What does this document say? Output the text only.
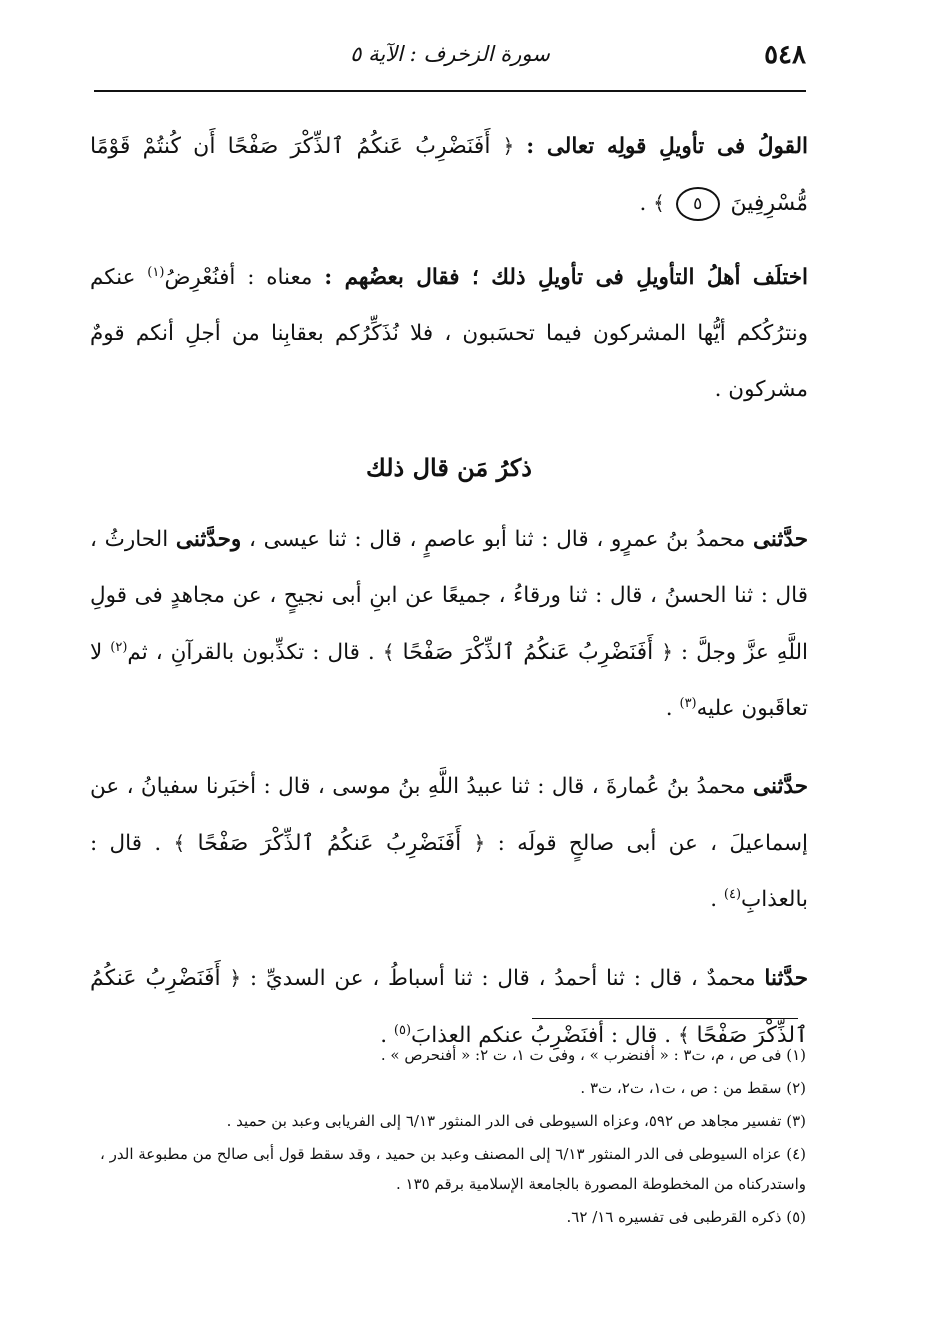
٥٤٨
سورة الزخرف : الآية ٥

القولُ فى تأويلِ قولِه تعالى : ﴿ أَفَنَضْرِبُ عَنكُمُ ٱلذِّكْرَ صَفْحًا أَن كُنتُمْ قَوْمًا مُّسْرِفِينَ ٥ ﴾ .

اختلَف أهلُ التأويلِ فى تأويلِ ذلك ؛ فقال بعضُهم : معناه : أفنُعْرِضُ$^{(١)}$ عنكم ونترُكُكم أيُّها المشركون فيما تحسَبون ، فلا نُذَكِّرُكم بعقابِنا من أجلِ أنكم قومٌ مشركون .

ذكرُ مَن قال ذلك

حدَّثنى محمدُ بنُ عمرٍو ، قال : ثنا أبو عاصمٍ ، قال : ثنا عيسى ، وحدَّثنى الحارثُ ، قال : ثنا الحسنُ ، قال : ثنا ورقاءُ ، جميعًا عن ابنِ أبى نجيحٍ ، عن مجاهدٍ فى قولِ اللَّهِ عزَّ وجلَّ : ﴿ أَفَنَضْرِبُ عَنكُمُ ٱلذِّكْرَ صَفْحًا ﴾ . قال : تكذِّبون بالقرآنِ ، ثم$^{(٢)}$ لا تعاقَبون عليه$^{(٣)}$ .

حدَّثنى محمدُ بنُ عُمارةَ ، قال : ثنا عبيدُ اللَّهِ بنُ موسى ، قال : أخبَرنا سفيانُ ، عن إسماعيلَ ، عن أبى صالحٍ قولَه : ﴿ أَفَنَضْرِبُ عَنكُمُ ٱلذِّكْرَ صَفْحًا ﴾ . قال : بالعذابِ$^{(٤)}$ .

حدَّثنا محمدٌ ، قال : ثنا أحمدُ ، قال : ثنا أسباطُ ، عن السديِّ : ﴿ أَفَنَضْرِبُ عَنكُمُ ٱلذِّكْرَ صَفْحًا ﴾ . قال : أفنَضْرِبُ عنكم العذابَ$^{(٥)}$ .

(١) فى ص ، م، ت٣ : « أفنضرب » ، وفى ت ١، ت ٢: « أفنحرص » .
(٢) سقط من : ص ، ت١، ت٢، ت٣ .
(٣) تفسير مجاهد ص ٥٩٢، وعزاه السيوطى فى الدر المنثور ٦/١٣ إلى الفريابى وعبد بن حميد .
(٤) عزاه السيوطى فى الدر المنثور ٦/١٣ إلى المصنف وعبد بن حميد ، وقد سقط قول أبى صالح من مطبوعة الدر ، واستدركناه من المخطوطة المصورة بالجامعة الإسلامية برقم ١٣٥ .
(٥) ذكره القرطبى فى تفسيره ١٦/ ٦٢.
